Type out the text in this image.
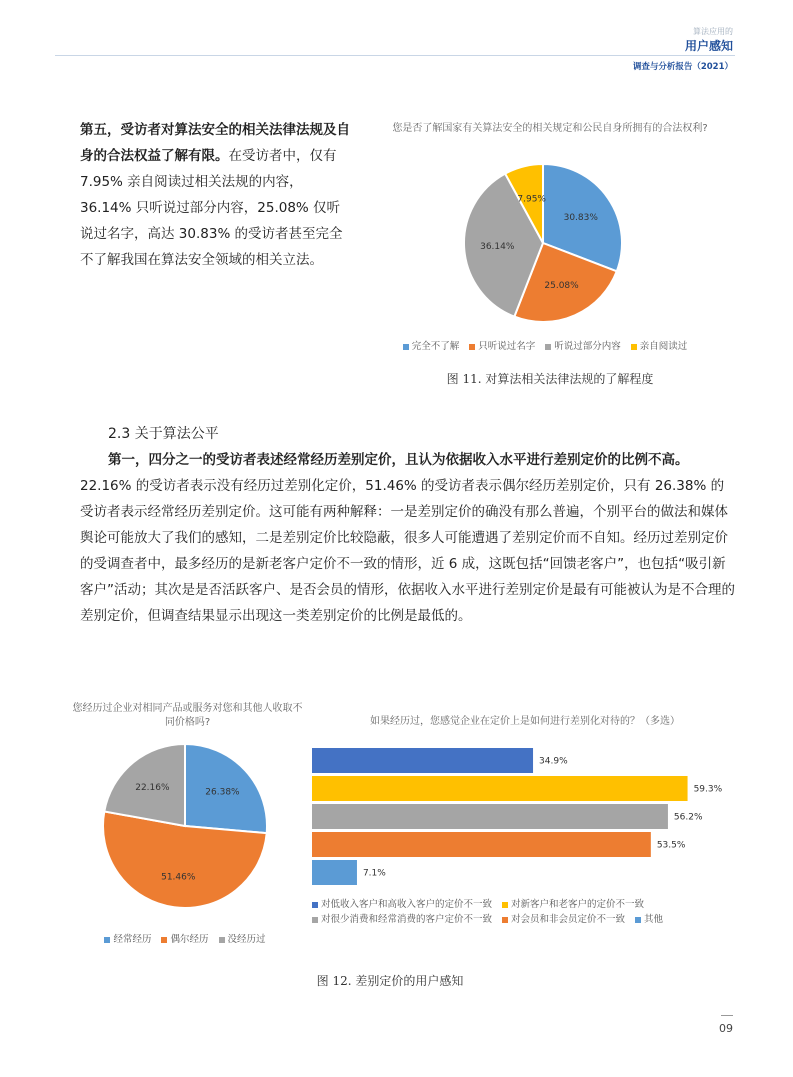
算法应用的
用户感知
调查与分析报告（2021）
第五，受访者对算法安全的相关法律法规及自身的合法权益了解有限。在受访者中，仅有 7.95% 亲自阅读过相关法规的内容，36.14% 只听说过部分内容，25.08% 仅听说过名字，高达 30.83% 的受访者甚至完全不了解我国在算法安全领域的相关立法。
您是否了解国家有关算法安全的相关规定和公民自身所拥有的合法权利?
30.83%
25.08%
36.14%
7.95%
完全不了解 只听说过名字 听说过部分内容 亲自阅读过
图 11. 对算法相关法律法规的了解程度
2.3 关于算法公平
第一，四分之一的受访者表述经常经历差别定价，且认为依据收入水平进行差别定价的比例不高。22.16% 的受访者表示没有经历过差别化定价，51.46% 的受访者表示偶尔经历差别定价，只有 26.38% 的受访者表示经常经历差别定价。这可能有两种解释：一是差别定价的确没有那么普遍，个别平台的做法和媒体舆论可能放大了我们的感知，二是差别定价比较隐蔽，很多人可能遭遇了差别定价而不自知。经历过差别定价的受调查者中，最多经历的是新老客户定价不一致的情形，近 6 成，这既包括“回馈老客户”，也包括“吸引新客户”活动；其次是是否活跃客户、是否会员的情形，依据收入水平进行差别定价是最有可能被认为是不合理的差别定价，但调查结果显示出现这一类差别定价的比例是最低的。
您经历过企业对相同产品或服务对您和其他人收取不同价格吗?
26.38%
51.46%
22.16%
经常经历 偶尔经历 没经历过
如果经历过，您感觉企业在定价上是如何进行差别化对待的？（多选）
34.9%
59.3%
56.2%
53.5%
7.1%
对低收入客户和高收入客户的定价不一致 对新客户和老客户的定价不一致对很少消费和经常消费的客户定价不一致 对会员和非会员定价不一致 其他
图 12. 差别定价的用户感知
09
